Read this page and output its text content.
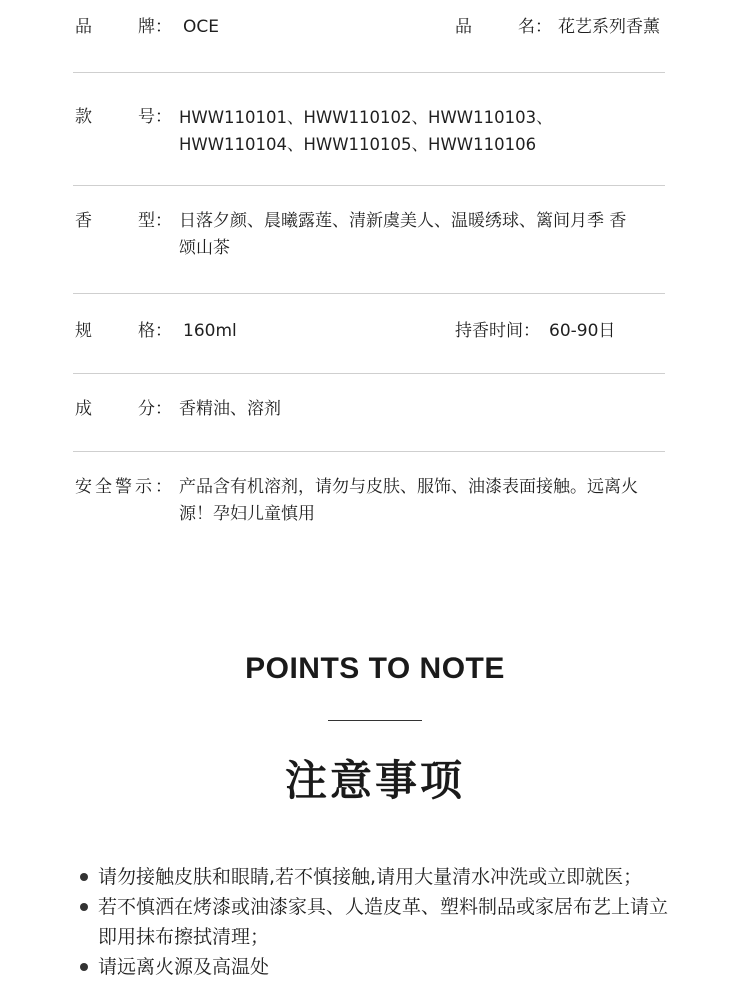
品	牌： OCE	品	名： 花艺系列香薰
款	号： HWW110101、HWW110102、HWW110103、HWW110104、HWW110105、HWW110106
香	型： 日落夕颜、晨曦露莲、清新虞美人、温暖绣球、篱间月季 香颂山茶
规	格： 160ml	持香时间： 60-90日
成	分： 香精油、溶剂
安全警示： 产品含有机溶剂，请勿与皮肤、服饰、油漆表面接触。远离火源！孕妇儿童慎用
POINTS TO NOTE
注意事项
请勿接触皮肤和眼睛,若不慎接触,请用大量清水冲洗或立即就医；
若不慎洒在烤漆或油漆家具、人造皮革、塑料制品或家居布艺上请立即用抹布擦拭清理；
请远离火源及高温处
